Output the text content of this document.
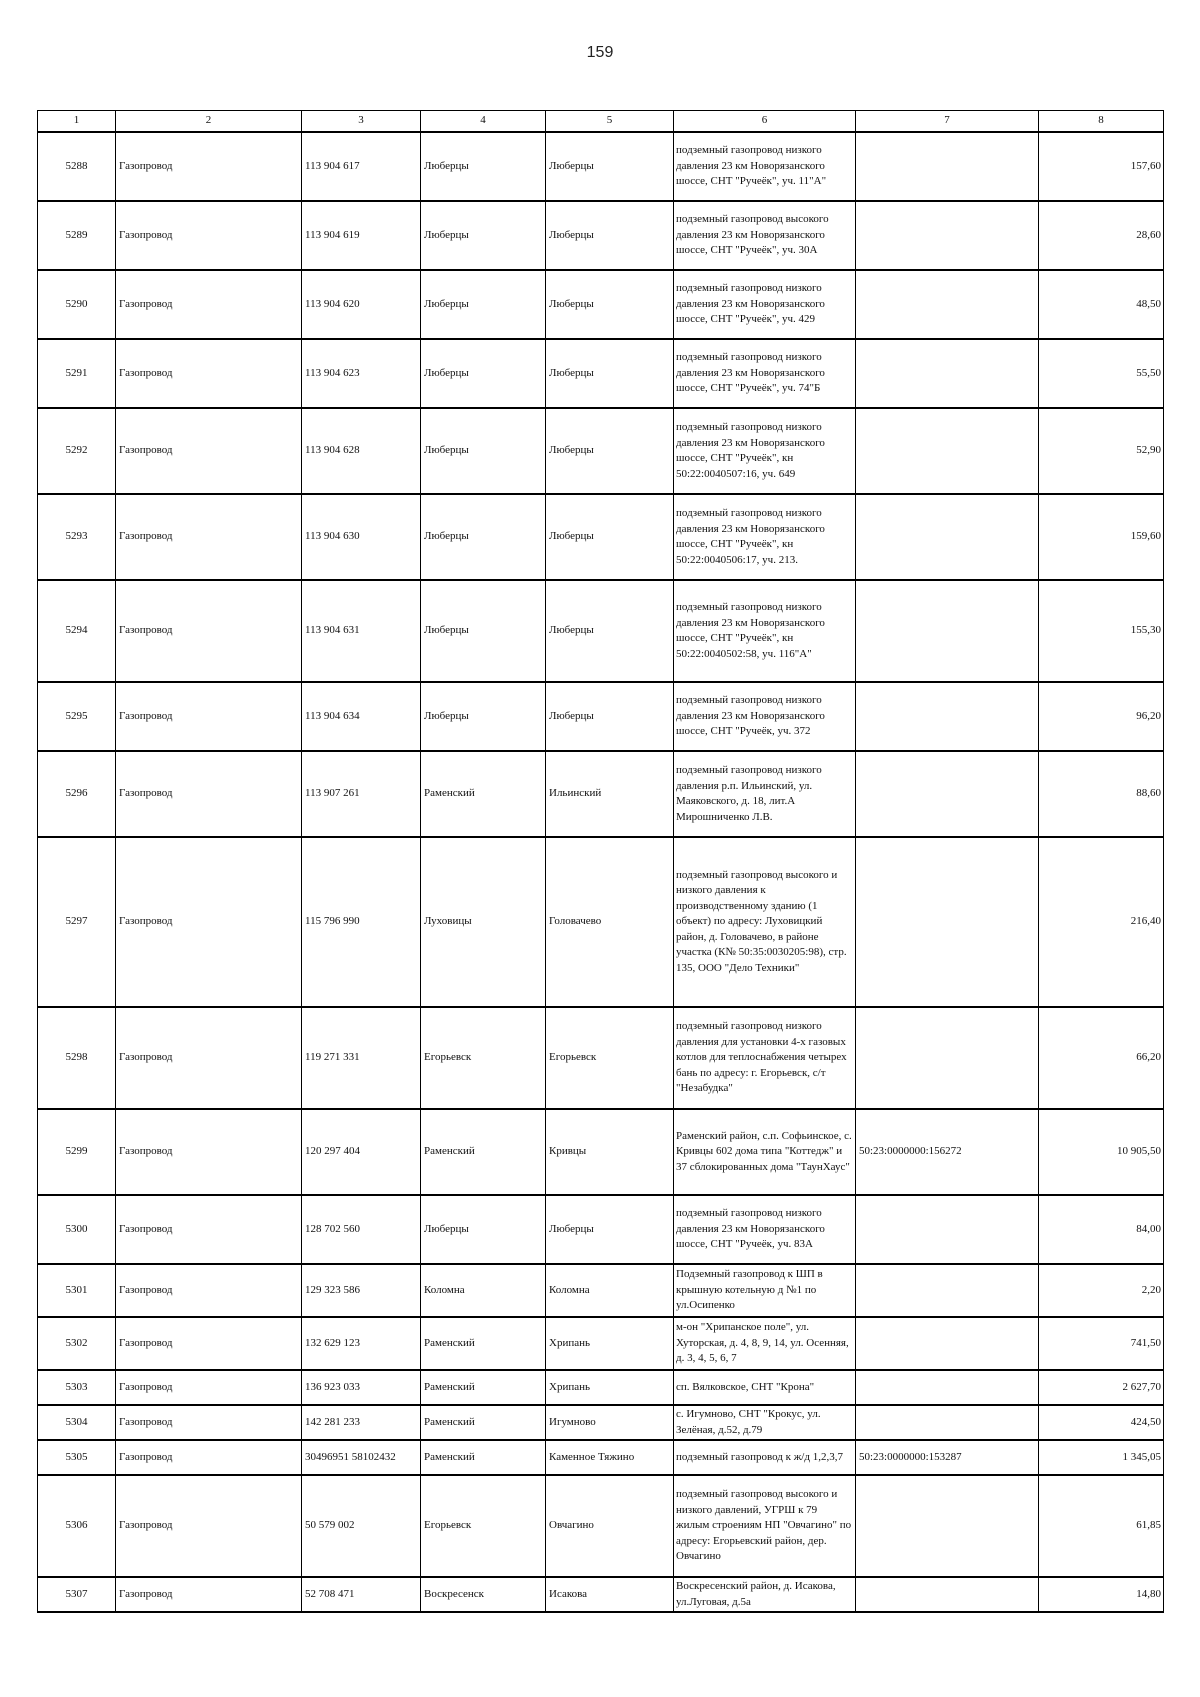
159
1	2	3	4	5	6	7	8
5288	Газопровод	113 904 617	Люберцы	Люберцы	подземный газопровод низкого давления 23 км Новорязанского шоссе, СНТ "Ручеёк", уч. 11"А"		157,60
5289	Газопровод	113 904 619	Люберцы	Люберцы	подземный газопровод высокого давления 23 км Новорязанского шоссе, СНТ "Ручеёк", уч. 30А		28,60
5290	Газопровод	113 904 620	Люберцы	Люберцы	подземный газопровод низкого давления 23 км Новорязанского шоссе, СНТ "Ручеёк", уч. 429		48,50
5291	Газопровод	113 904 623	Люберцы	Люберцы	подземный газопровод низкого давления 23 км Новорязанского шоссе, СНТ "Ручеёк", уч. 74"Б		55,50
5292	Газопровод	113 904 628	Люберцы	Люберцы	подземный газопровод низкого давления 23 км Новорязанского шоссе, СНТ "Ручеёк", кн 50:22:0040507:16, уч. 649		52,90
5293	Газопровод	113 904 630	Люберцы	Люберцы	подземный газопровод низкого давления 23 км Новорязанского шоссе, СНТ "Ручеёк", кн 50:22:0040506:17, уч. 213.		159,60
5294	Газопровод	113 904 631	Люберцы	Люберцы	подземный газопровод низкого давления 23 км Новорязанского шоссе, СНТ "Ручеёк", кн 50:22:0040502:58, уч. 116"А"		155,30
5295	Газопровод	113 904 634	Люберцы	Люберцы	подземный газопровод низкого давления 23 км Новорязанского шоссе, СНТ "Ручеёк, уч. 372		96,20
5296	Газопровод	113 907 261	Раменский	Ильинский	подземный газопровод низкого давления р.п. Ильинский, ул. Маяковского, д. 18, лит.А Мирошниченко Л.В.		88,60
5297	Газопровод	115 796 990	Луховицы	Головачево	подземный газопровод высокого и низкого давления к производственному зданию (1 объект) по адресу: Луховицкий район, д. Головачево, в районе участка (К№ 50:35:0030205:98), стр. 135, ООО "Дело Техники"		216,40
5298	Газопровод	119 271 331	Егорьевск	Егорьевск	подземный газопровод низкого давления для установки 4-х газовых котлов для теплоснабжения четырех бань по адресу: г. Егорьевск, с/т "Незабудка"		66,20
5299	Газопровод	120 297 404	Раменский	Кривцы	Раменский район, с.п. Софьинское, с. Кривцы 602 дома типа "Коттедж" и 37 сблокированных дома "ТаунХаус"	50:23:0000000:156272	10 905,50
5300	Газопровод	128 702 560	Люберцы	Люберцы	подземный газопровод низкого давления 23 км Новорязанского шоссе, СНТ "Ручеёк, уч. 83А		84,00
5301	Газопровод	129 323 586	Коломна	Коломна	Подземный газопровод к ШП в крышную котельную д №1 по ул.Осипенко		2,20
5302	Газопровод	132 629 123	Раменский	Хрипань	м-он "Хрипанское поле", ул. Хуторская, д. 4, 8, 9, 14, ул. Осенняя, д. 3, 4, 5, 6, 7		741,50
5303	Газопровод	136 923 033	Раменский	Хрипань	сп. Вялковское, СНТ "Крона"		2 627,70
5304	Газопровод	142 281 233	Раменский	Игумново	с. Игумново, СНТ "Крокус, ул. Зелёная, д.52, д.79		424,50
5305	Газопровод	30496951 58102432	Раменский	Каменное Тяжино	подземный газопровод к ж/д 1,2,3,7	50:23:0000000:153287	1 345,05
5306	Газопровод	50 579 002	Егорьевск	Овчагино	подземный газопровод высокого и низкого давлений, УГРШ к 79 жилым строениям НП "Овчагино" по адресу: Егорьевский район, дер. Овчагино		61,85
5307	Газопровод	52 708 471	Воскресенск	Исакова	Воскресенский район, д. Исакова, ул.Луговая, д.5а		14,80
